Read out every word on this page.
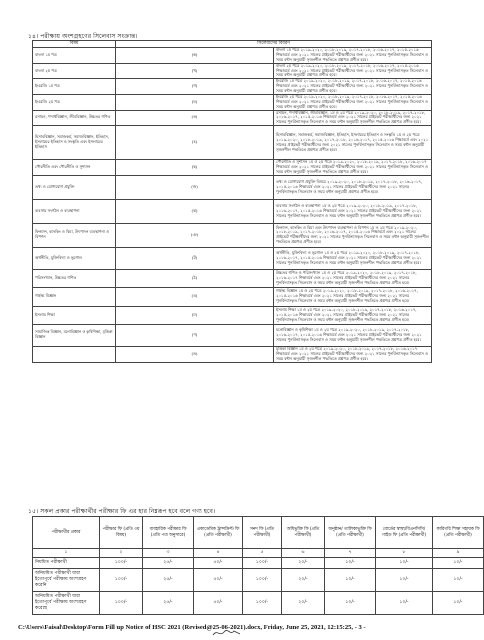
১৪। পরীক্ষায় অংশগ্রহণের সিলেবাস সংক্রান্ত।
বিষয়	সিলেবাসের বিবরণ	
বাংলা ১ম পত্র	(ক)	বাংলা ১ম পত্রে ২০১৯-২০২০, ২০১৮-২০১৯, ২০১৭-২০১৮, ২০১৬-২০১৭, ২০১৫-২০১৬ শিক্ষাবর্ষে এবং ২০২১ সালের প্রাইভেট পরীক্ষার্থীদের জন্য ২০২১ সালের পুনর্বিন্যাসকৃত সিলেবাস ও সময় বন্টন অনুযায়ী সৃজনশীল পদ্ধতিতে প্রশ্নপত্র প্রণীত হবে।
বাংলা ২য় পত্র	(খ)	বাংলা ২য় পত্রে ২০১৯-২০২০, ২০১৮-২০১৯, ২০১৭-২০১৮, ২০১৬-২০১৭, ২০১৫-২০১৬ শিক্ষাবর্ষে এবং ২০২১ সালের প্রাইভেট পরীক্ষার্থীদের জন্য ২০২১ সালের পুনর্বিন্যাসকৃত সিলেবাস ও সময় বন্টন অনুযায়ী প্রশ্নপত্র প্রণীত হবে।
ইংরেজি ১ম পত্র	(গ)	ইংরেজি ১ম পত্রে ২০১৯-২০২০, ২০১৮-২০১৯, ২০১৭-২০১৮, ২০১৬-২০১৭, ২০১৫-২০১৬ শিক্ষাবর্ষে এবং ২০২১ সালের প্রাইভেট পরীক্ষার্থীদের জন্য ২০২১ সালের পুনর্বিন্যাসকৃত সিলেবাস ও সময় বন্টন অনুযায়ী প্রশ্নপত্র প্রণীত হবে।
ইংরেজি ২য় পত্র	(ঘ)	ইংরেজি ২য় পত্রে ২০১৯-২০২০, ২০১৮-২০১৯, ২০১৭-২০১৮, ২০১৬-২০১৭, ২০১৫-২০১৬ শিক্ষাবর্ষে এবং ২০২১ সালের প্রাইভেট পরীক্ষার্থীদের জন্য ২০২১ সালের পুনর্বিন্যাসকৃত সিলেবাস ও সময় বন্টন অনুযায়ী প্রশ্নপত্র প্রণীত হবে।
রসায়ন, পদার্থবিজ্ঞান, জীববিজ্ঞান, উচ্চতর গণিত	(ঙ)	রসায়ন, পদার্থবিজ্ঞান, জীববিজ্ঞান, ১ম ও ২য় পত্রে ২০১৯-২০২০, ২০১৮-২০১৯, ২০১৭-২০১৮, ২০১৬-২০১৭, ২০১৫-২০১৬ শিক্ষাবর্ষে এবং ২০২১ সালের প্রাইভেট পরীক্ষার্থীদের জন্য ২০২১ সালের পুনর্বিন্যাসকৃত সিলেবাস ও সময় বন্টন অনুযায়ী সৃজনশীল পদ্ধতিতে প্রশ্নপত্র প্রণীত হবে।
হিসাববিজ্ঞান, সমাজকর্ম, সমাজবিজ্ঞান, ইতিহাস, ইসলামের ইতিহাস ও সংস্কৃতি এবং ইসলামের ইতিহাস	(চ)	হিসাববিজ্ঞান, সমাজকর্ম, সমাজবিজ্ঞান, ইতিহাস, ইসলামের ইতিহাস ও সংস্কৃতি ১ম ও ২য় পত্রে ২০১৯-২০২০, ২০১৮-২০১৯, ২০১৭-২০১৮, ২০১৬-২০১৭, ২০১৫-২০১৬ শিক্ষাবর্ষে এবং ২০২১ সালের প্রাইভেট পরীক্ষার্থীদের জন্য ২০২১ সালের পুনর্বিন্যাসকৃত সিলেবাস ও সময় বন্টন অনুযায়ী সৃজনশীল পদ্ধতিতে প্রশ্নপত্র প্রণীত হবে।
পৌরনীতি এবং পৌরনীতি ও সুশাসন	(ছ)	পৌরনীতি ও সুশাসন ১ম ও ২য় পত্রে ২০১৯-২০২০, ২০১৮-২০১৯, ২০১৭-২০১৮, ২০১৬-২০১৭ শিক্ষাবর্ষে এবং ২০২১ সালের প্রাইভেট পরীক্ষার্থীদের জন্য ২০২১ সালের পুনর্বিন্যাসকৃত সিলেবাস ও সময় বন্টন অনুযায়ী সৃজনশীল পদ্ধতিতে প্রশ্নপত্র প্রণীত হবে।
তথ্য ও যোগাযোগ প্রযুক্তি	(জ)	তথ্য ও যোগাযোগ প্রযুক্তি বিষয়ে ২০১৯-২০২০, ২০১৮-২০১৯, ২০১৭-২০১৮, ২০১৬-২০১৭, ২০১৫-২০১৬ শিক্ষাবর্ষে এবং ২০২১ সালের প্রাইভেট পরীক্ষার্থীদের জন্য ২০২১ সালের পুনর্বিন্যাসকৃত সিলেবাস ও সময় বন্টন অনুযায়ী প্রশ্নপত্র প্রণীত হবে।
ব্যবসায় সংগঠন ও ব্যবস্থাপনা	(ঝ)	ব্যবসায় সংগঠন ও ব্যবস্থাপনা ১ম ও ২য় পত্রে ২০১৯-২০২০, ২০১৮-২০১৯, ২০১৭-২০১৮, ২০১৬-২০১৭, ২০১৫-২০১৬ শিক্ষাবর্ষে এবং ২০২১ সালের প্রাইভেট পরীক্ষার্থীদের জন্য ২০২১ সালের পুনর্বিন্যাসকৃত সিলেবাস ও সময় বন্টন অনুযায়ী সৃজনশীল পদ্ধতিতে প্রশ্নপত্র প্রণীত হবে।
ফিন্যান্স, ব্যাংকিং ও বিমা, উৎপাদন ব্যবস্থাপনা ও বিপণন	(ঞ)	ফিন্যান্স, ব্যাংকিং ও বিমা এবং উৎপাদন ব্যবস্থাপনা ও বিপণন ১ম ও ২য় পত্রে ২০১৯-২০২০, ২০১৮-২০১৯, ২০১৭-২০১৮, ২০১৬-২০১৭, ২০১৫-২০১৬ শিক্ষাবর্ষে এবং ২০২১ সালের প্রাইভেট পরীক্ষার্থীদের জন্য ২০২১ সালের পুনর্বিন্যাসকৃত সিলেবাস ও সময় বন্টন অনুযায়ী সৃজনশীল পদ্ধতিতে প্রশ্নপত্র প্রণীত হবে।
অর্থনীতি, যুক্তিবিদ্যা ও ভূগোল	(ট)	অর্থনীতি, যুক্তিবিদ্যা ও ভূগোল ১ম ও ২য় পত্রে ২০১৯-২০২০, ২০১৮-২০১৯, ২০১৭-২০১৮, ২০১৬-২০১৭, ২০১৫-২০১৬ শিক্ষাবর্ষে এবং ২০২১ সালের প্রাইভেট পরীক্ষার্থীদের জন্য ২০২১ সালের পুনর্বিন্যাসকৃত সিলেবাস ও সময় বন্টন অনুযায়ী সৃজনশীল পদ্ধতিতে প্রশ্নপত্র প্রণীত হবে।
পরিসংখ্যান, উচ্চতর গণিত	(ঠ)	উচ্চতর গণিত ও পরিসংখ্যান ১ম ও ২য় পত্রে ২০১৯-২০২০, ২০১৮-২০১৯, ২০১৭-২০১৮, ২০১৬-২০১৭ শিক্ষাবর্ষে এবং ২০২১ সালের প্রাইভেট পরীক্ষার্থীদের জন্য ২০২১ সালের পুনর্বিন্যাসকৃত সিলেবাস ও সময় বন্টন অনুযায়ী সৃজনশীল পদ্ধতিতে প্রশ্নপত্র প্রণীত হবে।
গার্হস্থ্য বিজ্ঞান	(ড)	গার্হস্থ্য বিজ্ঞান ১ম ও ২য় পত্রে ২০১৯-২০২০, ২০১৮-২০১৯, ২০১৭-২০১৮, ২০১৬-২০১৭, ২০১৫-২০১৬ শিক্ষাবর্ষে এবং ২০২১ সালের প্রাইভেট পরীক্ষার্থীদের জন্য ২০২১ সালের পুনর্বিন্যাসকৃত সিলেবাস ও সময় বন্টন অনুযায়ী সৃজনশীল পদ্ধতিতে প্রশ্নপত্র প্রণীত হবে।
ইসলাম শিক্ষা	(ঢ)	ইসলাম শিক্ষা ১ম ও ২য় পত্রে ২০১৯-২০২০, ২০১৮-২০১৯, ২০১৭-২০১৮, ২০১৬-২০১৭, ২০১৫-২০১৬ শিক্ষাবর্ষে এবং ২০২১ সালের প্রাইভেট পরীক্ষার্থীদের জন্য ২০২১ সালের পুনর্বিন্যাসকৃত সিলেবাস ও সময় বন্টন অনুযায়ী সৃজনশীল পদ্ধতিতে প্রশ্নপত্র প্রণীত হবে।
সামাজিক বিজ্ঞান, মনোবিজ্ঞান ও কৃষিশিক্ষা, মৃত্তিকা বিজ্ঞান	(ণ)	মনোবিজ্ঞান ও কৃষিশিক্ষা ১ম ও ২য় পত্রে ২০১৯-২০২০, ২০১৮-২০১৯, ২০১৭-২০১৮, ২০১৬-২০১৭, ২০১৫-২০১৬ শিক্ষাবর্ষে এবং ২০২১ সালের প্রাইভেট পরীক্ষার্থীদের জন্য ২০২১ সালের পুনর্বিন্যাসকৃত সিলেবাস ও সময় বন্টন অনুযায়ী সৃজনশীল পদ্ধতিতে প্রশ্নপত্র প্রণীত হবে।
	(ত)	মৃত্তিকা বিজ্ঞান ১ম ও ২য় পত্রে ২০১৯-২০২০, ২০১৮-২০১৯, ২০১৭-২০১৮, ২০১৬-২০১৭ শিক্ষাবর্ষে এবং ২০২১ সালের প্রাইভেট পরীক্ষার্থীদের জন্য ২০২১ সালের পুনর্বিন্যাসকৃত সিলেবাস ও সময় বন্টন অনুযায়ী সৃজনশীল পদ্ধতিতে প্রশ্নপত্র প্রণীত হবে।
১৫। সকল প্রকার পরীক্ষার্থীর পরীক্ষার ফি এর হার নিম্নরূপ হবে বলে গণ্য হবে।
পরীক্ষার্থীর প্রকার	পরীক্ষার ফি (প্রতি ৩য় বিষয়)	ব্যবহারিক পরীক্ষার ফি (প্রতি পত্র অনুসারে)	একাডেমিক ট্রান্সক্রিপ্ট ফি (প্রতি পরীক্ষার্থী)	সনদ ফি (প্রতি পরীক্ষার্থী)	অধিভুক্তি ফি (প্রতি পরীক্ষার্থী)	অনুষ্ঠান/ তালিকাভুক্তি ফি (প্রতি পরীক্ষার্থী)	বোর্ডের স্বাস্থ্য/বিএনসিসি/ গাইড ফি (প্রতি পরীক্ষার্থী)	কারিগরি শিক্ষা সহায়ক ফি (প্রতি পরীক্ষার্থী)
১	২	৩	৪	৫	৬	৭	৮	৯
নিয়মিত পরীক্ষার্থী	১০০/-	২৫/-	৫০/-	১০০/-	২০/-	১০/-	১০/-	১০/-
অনিয়মিত পরীক্ষার্থী যারা ইতোপূর্বে পরীক্ষায় অংশগ্রহণ করেনি	১০০/-	২৫/-	৫০/-	১০০/-	২০/-	১০/-	১০/-	১০/-
অনিয়মিত পরীক্ষার্থী যারা ইতোপূর্বে পরীক্ষায় অংশগ্রহণ করেছে	১০০/-	২৫/-	৫০/-	১০০/-	২০/-	১০/-	১০/-	১০/-
C:\Users\Faisal\Desktop\Form Fill up Notice of HSC 2021 (Revised@25-06-2021).docx, Friday, June 25, 2021, 12:15:25, - 3 -
